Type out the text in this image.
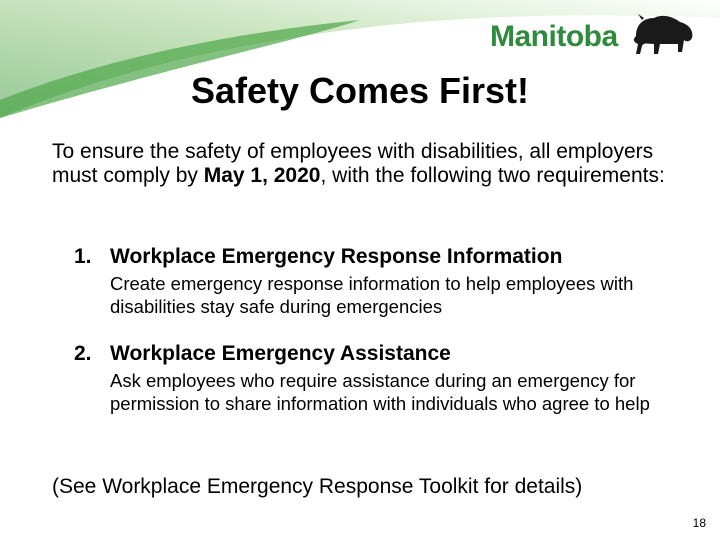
Manitoba
Safety Comes First!
To ensure the safety of employees with disabilities, all employers must comply by May 1, 2020, with the following two requirements:
1. Workplace Emergency Response Information
Create emergency response information to help employees with disabilities stay safe during emergencies
2. Workplace Emergency Assistance
Ask employees who require assistance during an emergency for permission to share information with individuals who agree to help
(See Workplace Emergency Response Toolkit for details)
18
